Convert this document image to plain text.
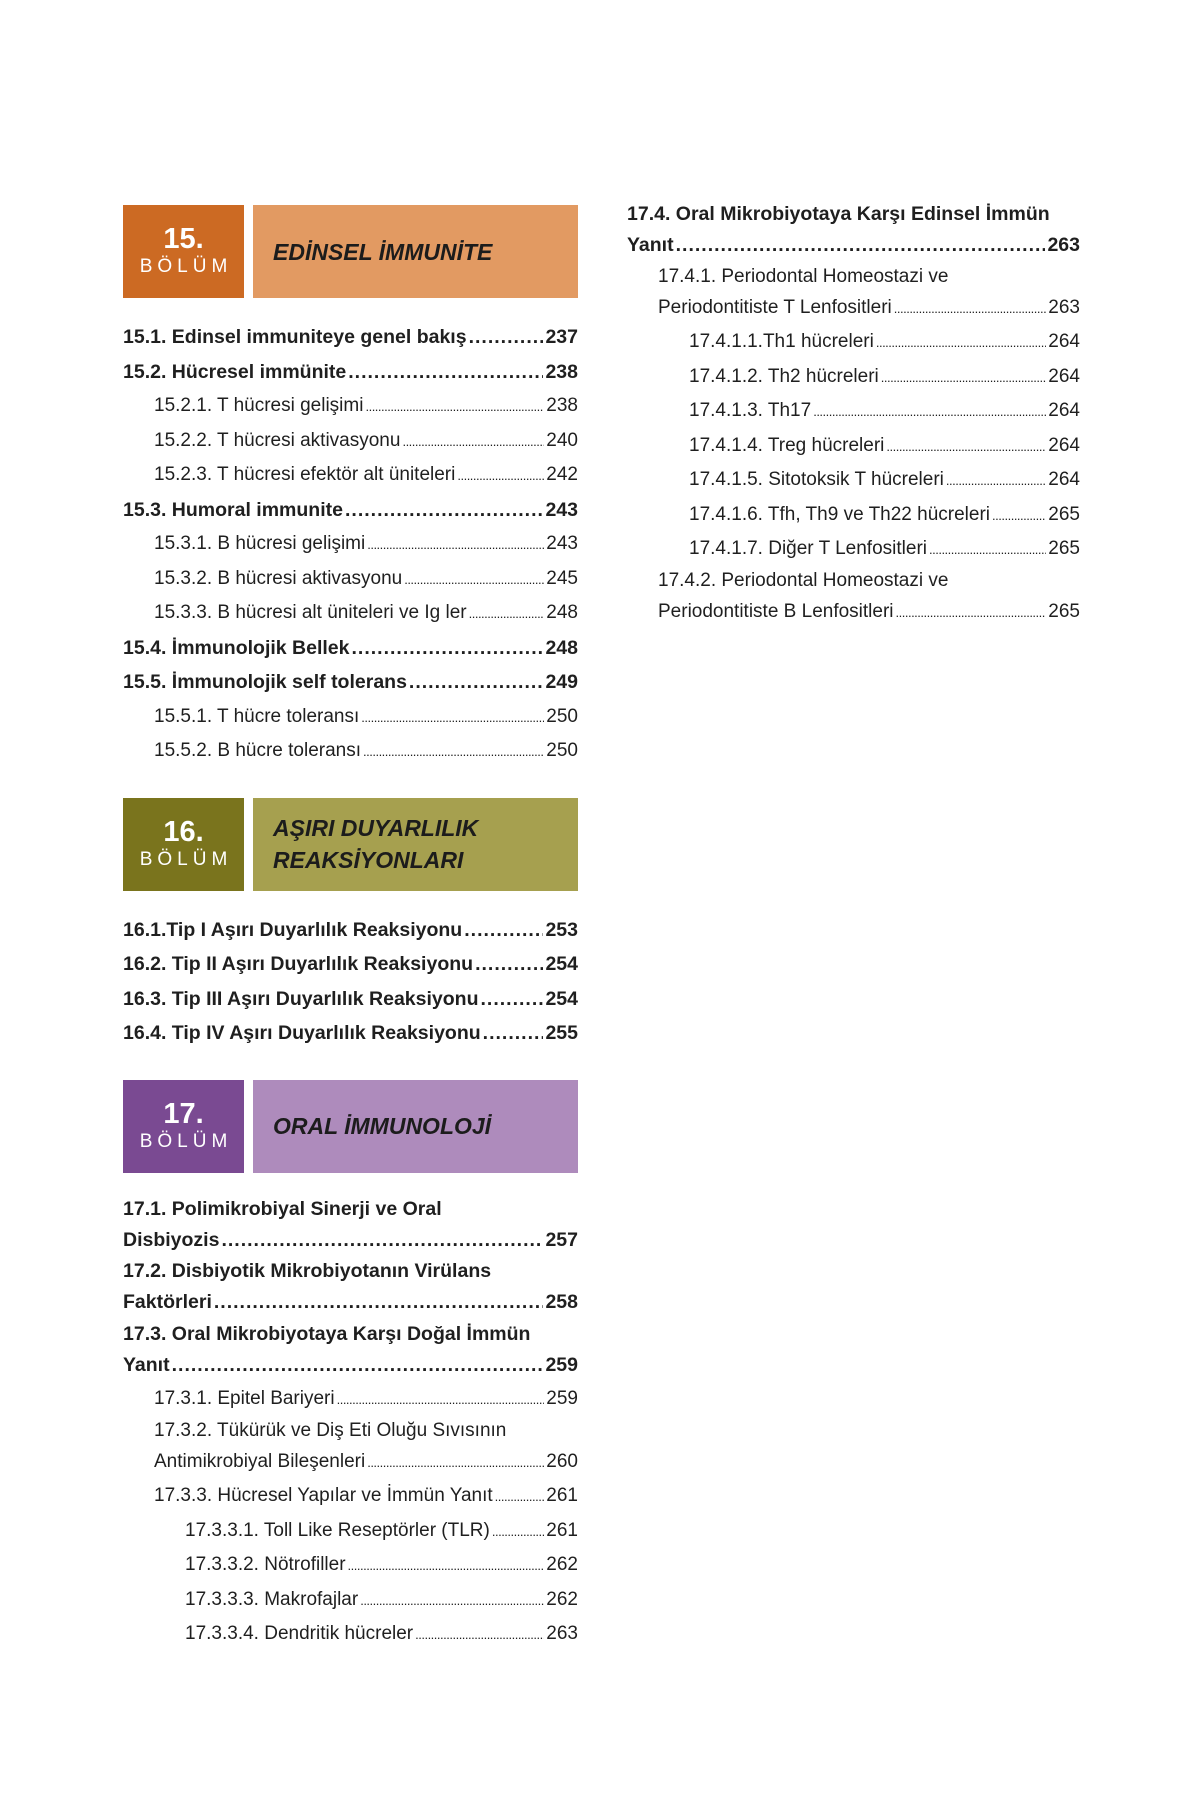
15.
BÖLÜM
EDİNSEL İMMUNİTE
15.1. Edinsel immuniteye genel bakış .....	237
15.2. Hücresel immünite .....	238
15.2.1. T hücresi gelişimi .....	238
15.2.2. T hücresi aktivasyonu .....	240
15.2.3. T hücresi efektör alt üniteleri .....	242
15.3. Humoral immunite .....	243
15.3.1. B hücresi gelişimi .....	243
15.3.2. B hücresi aktivasyonu .....	245
15.3.3. B hücresi alt üniteleri ve Ig ler .....	248
15.4. İmmunolojik Bellek .....	248
15.5. İmmunolojik self tolerans .....	249
15.5.1. T hücre toleransı .....	250
15.5.2. B hücre toleransı .....	250
16.
BÖLÜM
AŞIRI DUYARLILIK
REAKSİYONLARI
16.1.Tip I Aşırı Duyarlılık Reaksiyonu .....	253
16.2. Tip II Aşırı Duyarlılık Reaksiyonu .....	254
16.3. Tip III Aşırı Duyarlılık Reaksiyonu .....	254
16.4. Tip IV Aşırı Duyarlılık Reaksiyonu .....	255
17.
BÖLÜM
ORAL İMMUNOLOJİ
17.1. Polimikrobiyal Sinerji ve Oral
Disbiyozis .....	257
17.2. Disbiyotik Mikrobiyotanın Virülans
Faktörleri .....	258
17.3. Oral Mikrobiyotaya Karşı Doğal İmmün
Yanıt .....	259
17.3.1. Epitel Bariyeri .....	259
17.3.2. Tükürük ve Diş Eti Oluğu Sıvısının
Antimikrobiyal Bileşenleri .....	260
17.3.3. Hücresel Yapılar ve İmmün Yanıt .....	261
17.3.3.1. Toll Like Reseptörler (TLR) .....	261
17.3.3.2. Nötrofiller .....	262
17.3.3.3. Makrofajlar .....	262
17.3.3.4. Dendritik hücreler .....	263
17.4. Oral Mikrobiyotaya Karşı Edinsel İmmün
Yanıt .....	263
17.4.1. Periodontal Homeostazi ve
Periodontitiste T Lenfositleri .....	263
17.4.1.1.Th1 hücreleri .....	264
17.4.1.2. Th2 hücreleri .....	264
17.4.1.3. Th17 .....	264
17.4.1.4. Treg hücreleri .....	264
17.4.1.5. Sitotoksik T hücreleri .....	264
17.4.1.6. Tfh, Th9 ve Th22 hücreleri .....	265
17.4.1.7. Diğer T Lenfositleri .....	265
17.4.2. Periodontal Homeostazi ve
Periodontitiste B Lenfositleri .....	265
